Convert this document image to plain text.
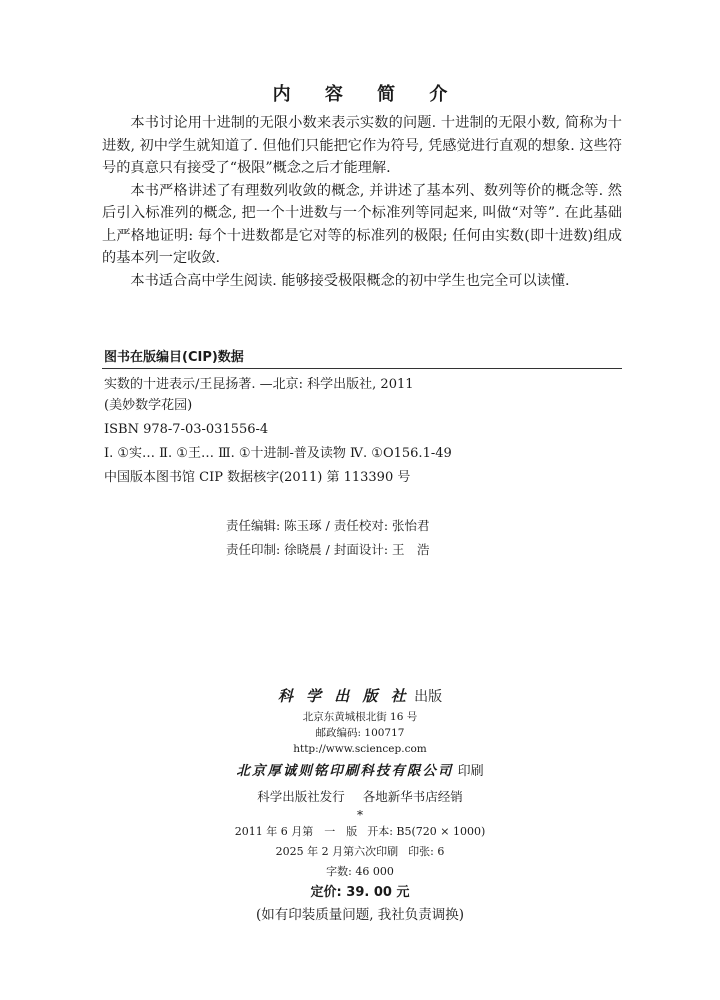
内 容 简 介

本书讨论用十进制的无限小数来表示实数的问题. 十进制的无限小数, 简称为十进数, 初中学生就知道了. 但他们只能把它作为符号, 凭感觉进行直观的想象. 这些符号的真意只有接受了“极限”概念之后才能理解.

本书严格讲述了有理数列收敛的概念, 并讲述了基本列、数列等价的概念等. 然后引入标准列的概念, 把一个十进数与一个标准列等同起来, 叫做“对等”. 在此基础上严格地证明: 每个十进数都是它对等的标准列的极限; 任何由实数(即十进数)组成的基本列一定收敛.

本书适合高中学生阅读. 能够接受极限概念的初中学生也完全可以读懂.

图书在版编目(CIP)数据
实数的十进表示/王昆扬著. —北京: 科学出版社, 2011
(美妙数学花园)
ISBN 978-7-03-031556-4
Ⅰ. ①实… Ⅱ. ①王… Ⅲ. ①十进制-普及读物 Ⅳ. ①O156.1-49
中国版本图书馆 CIP 数据核字(2011) 第 113390 号
责任编辑: 陈玉琢 / 责任校对: 张怡君
责任印制: 徐晓晨 / 封面设计: 王　浩
科 学 出 版 社 出版
北京东黄城根北街 16 号
邮政编码: 100717
http://www.sciencep.com
北京厚诚则铭印刷科技有限公司 印刷
科学出版社发行 各地新华书店经销
*
2011 年 6 月第　一　版 开本: B5(720 × 1000)
2025 年 2 月第六次印刷 印张: 6
字数: 46 000
定价: 39. 00 元
(如有印装质量问题, 我社负责调换)
